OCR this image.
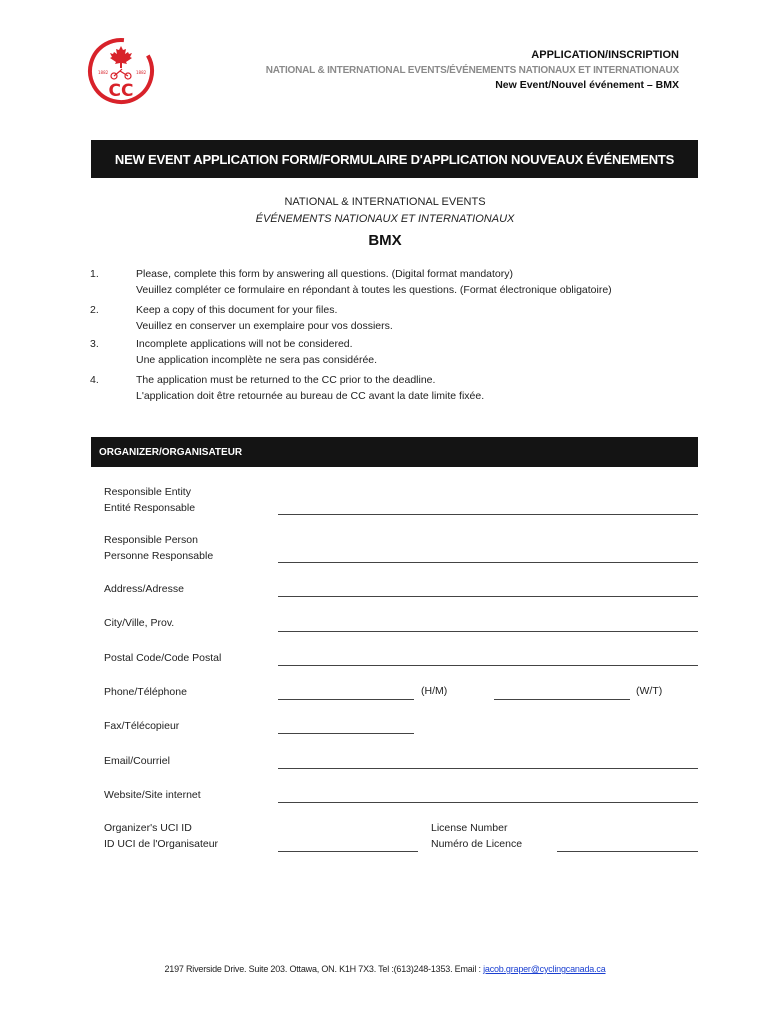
1882	1882
CC
APPLICATION/INSCRIPTION
NATIONAL & INTERNATIONAL EVENTS/ÉVÉNEMENTS NATIONAUX ET INTERNATIONAUX
New Event/Nouvel événement – BMX
NEW EVENT APPLICATION FORM/FORMULAIRE D'APPLICATION NOUVEAUX ÉVÉNEMENTS
NATIONAL & INTERNATIONAL EVENTS
ÉVÉNEMENTS NATIONAUX ET INTERNATIONAUX
BMX
1.	Please, complete this form by answering all questions. (Digital format mandatory)
Veuillez compléter ce formulaire en répondant à toutes les questions. (Format électronique obligatoire)
2.	Keep a copy of this document for your files.
Veuillez en conserver un exemplaire pour vos dossiers.
3.	Incomplete applications will not be considered.
Une application incomplète ne sera pas considérée.
4.	The application must be returned to the CC prior to the deadline.
L'application doit être retournée au bureau de CC avant la date limite fixée.
ORGANIZER/ORGANISATEUR
Responsible Entity
Entité Responsable
Responsible Person
Personne Responsable
Address/Adresse
City/Ville, Prov.
Postal Code/Code Postal
Phone/Téléphone	(H/M)	(W/T)
Fax/Télécopieur
Email/Courriel
Website/Site internet
Organizer's UCI ID
ID UCI de l'Organisateur
License Number
Numéro de Licence
2197 Riverside Drive. Suite 203. Ottawa, ON. K1H 7X3. Tel :(613)248-1353. Email : jacob.graper@cyclingcanada.ca
